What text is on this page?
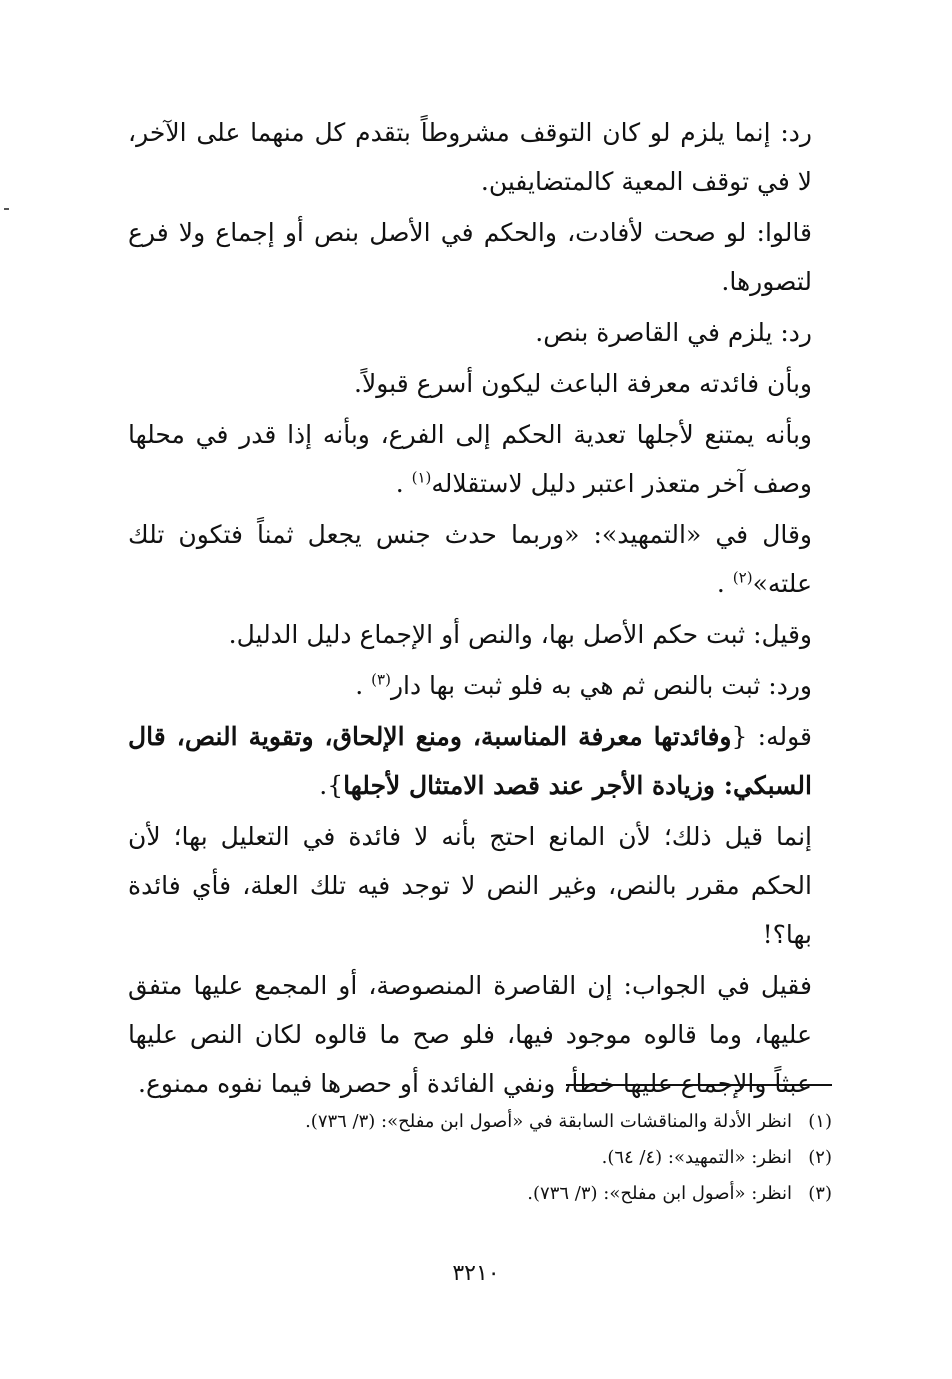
رد: إنما يلزم لو كان التوقف مشروطاً بتقدم كل منهما على الآخر، لا في توقف المعية كالمتضايفين.

قالوا: لو صحت لأفادت، والحكم في الأصل بنص أو إجماع ولا فرع لتصورها.

رد: يلزم في القاصرة بنص.

وبأن فائدته معرفة الباعث ليكون أسرع قبولاً.

وبأنه يمتنع لأجلها تعدية الحكم إلى الفرع، وبأنه إذا قدر في محلها وصف آخر متعذر اعتبر دليل لاستقلاله$^{(١)}$ .

وقال في «التمهيد»: «وربما حدث جنس يجعل ثمناً فتكون تلك علته»$^{(٢)}$ .

وقيل: ثبت حكم الأصل بها، والنص أو الإجماع دليل الدليل.

ورد: ثبت بالنص ثم هي به فلو ثبت بها دار$^{(٣)}$ .

قوله: {وفائدتها معرفة المناسبة، ومنع الإلحاق، وتقوية النص، قال السبكي: وزيادة الأجر عند قصد الامتثال لأجلها}.

إنما قيل ذلك؛ لأن المانع احتج بأنه لا فائدة في التعليل بها؛ لأن الحكم مقرر بالنص، وغير النص لا توجد فيه تلك العلة، فأي فائدة بها؟!

فقيل في الجواب: إن القاصرة المنصوصة، أو المجمع عليها متفق عليها، وما قالوه موجود فيها، فلو صح ما قالوه لكان النص عليها عبثاً والإجماع عليها خطأ، ونفي الفائدة أو حصرها فيما نفوه ممنوع.

(١)انظر الأدلة والمناقشات السابقة في «أصول ابن مفلح»: (٣/ ٧٣٦).
(٢)انظر: «التمهيد»: (٤/ ٦٤).
(٣)انظر: «أصول ابن مفلح»: (٣/ ٧٣٦).
٣٢١٠
